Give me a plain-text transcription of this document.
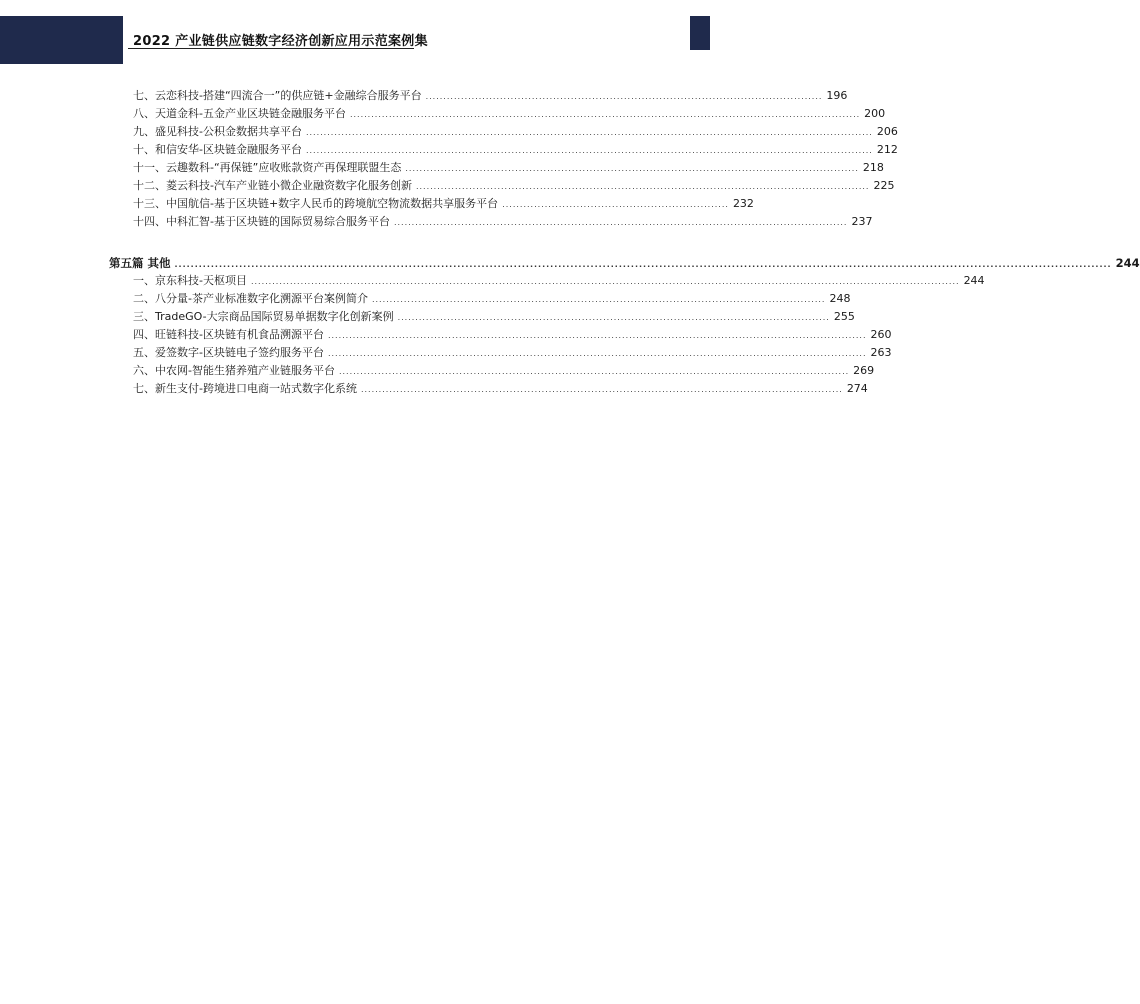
2022 产业链供应链数字经济创新应用示范案例集
七、云恋科技-搭建“四流合一”的供应链+金融综合服务平台 ................................................................................................................ 196
八、天道金科-五金产业区块链金融服务平台 ................................................................................................................................................ 200
九、盛见科技-公积金数据共享平台 ................................................................................................................................................................ 206
十、和信安华-区块链金融服务平台 ................................................................................................................................................................ 212
十一、云趣数科-“再保链”应收账款资产再保理联盟生态 ................................................................................................................................ 218
十二、菱云科技-汽车产业链小微企业融资数字化服务创新 ................................................................................................................................ 225
十三、中国航信-基于区块链+数字人民币的跨境航空物流数据共享服务平台 ................................................................ 232
十四、中科汇智-基于区块链的国际贸易综合服务平台 ................................................................................................................................ 237
第五篇 其他 ........................................................................................................................................................................................................................................ 244
一、京东科技-天枢项目 ........................................................................................................................................................................................................ 244
二、八分量-茶产业标准数字化溯源平台案例简介 ................................................................................................................................ 248
三、TradeGO-大宗商品国际贸易单据数字化创新案例 .......................................................................................................................... 255
四、旺链科技-区块链有机食品溯源平台 ........................................................................................................................................................ 260
五、爱签数字-区块链电子签约服务平台 ........................................................................................................................................................ 263
六、中农网-智能生猪养殖产业链服务平台 ................................................................................................................................................ 269
七、新生支付-跨境进口电商一站式数字化系统 ........................................................................................................................................ 274
